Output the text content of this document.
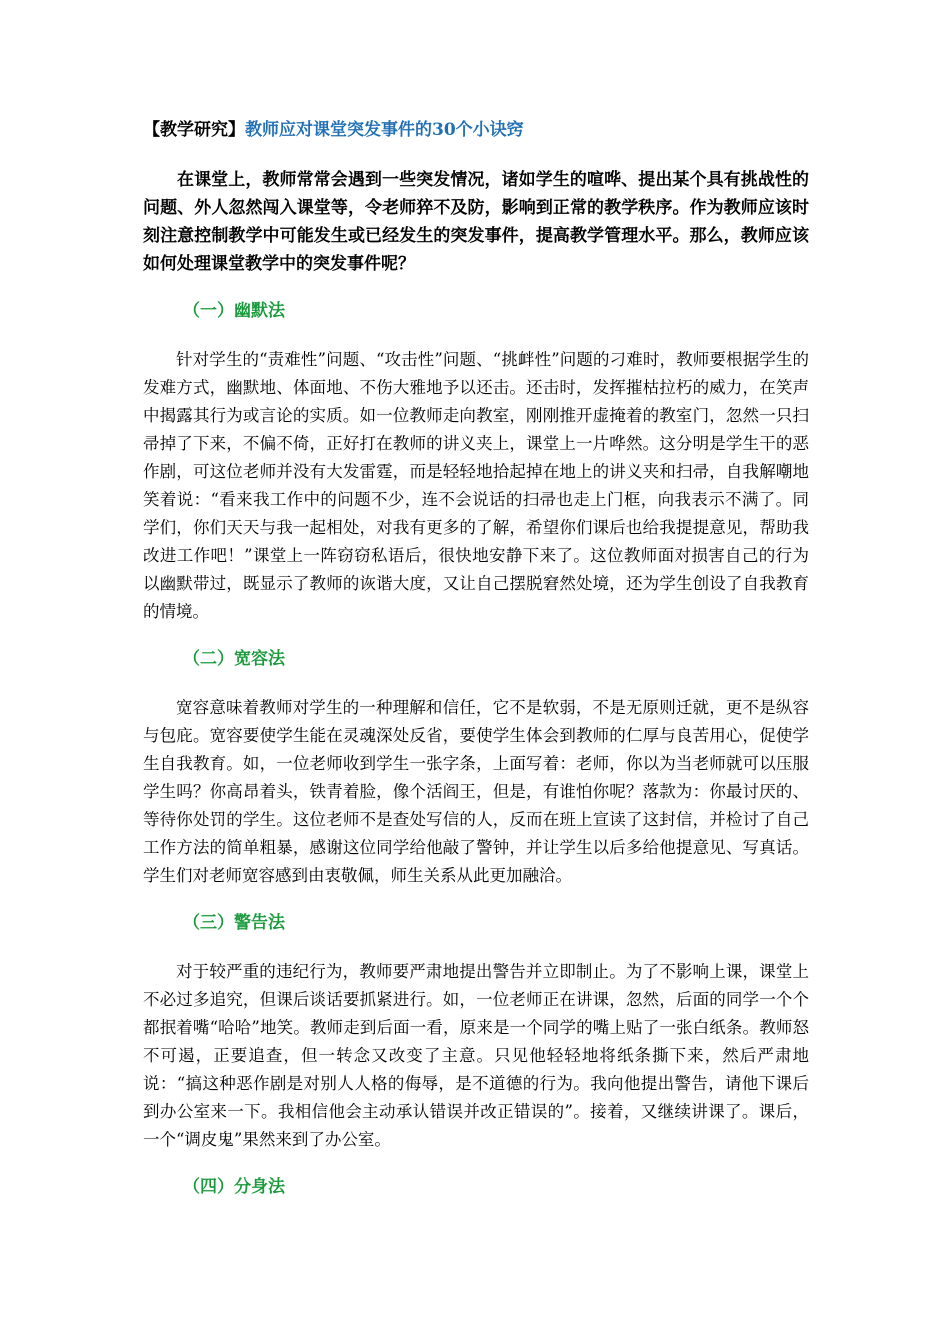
【教学研究】教师应对课堂突发事件的30个小诀窍

在课堂上，教师常常会遇到一些突发情况，诸如学生的喧哗、提出某个具有挑战性的问题、外人忽然闯入课堂等，令老师猝不及防，影响到正常的教学秩序。作为教师应该时刻注意控制教学中可能发生或已经发生的突发事件，提高教学管理水平。那么，教师应该如何处理课堂教学中的突发事件呢？

（一）幽默法

针对学生的“责难性”问题、“攻击性”问题、“挑衅性”问题的刁难时，教师要根据学生的发难方式，幽默地、体面地、不伤大雅地予以还击。还击时，发挥摧枯拉朽的威力，在笑声中揭露其行为或言论的实质。如一位教师走向教室，刚刚推开虚掩着的教室门，忽然一只扫帚掉了下来，不偏不倚，正好打在教师的讲义夹上，课堂上一片哗然。这分明是学生干的恶作剧，可这位老师并没有大发雷霆，而是轻轻地拾起掉在地上的讲义夹和扫帚，自我解嘲地笑着说：“看来我工作中的问题不少，连不会说话的扫帚也走上门框，向我表示不满了。同学们，你们天天与我一起相处，对我有更多的了解，希望你们课后也给我提提意见，帮助我改进工作吧！”课堂上一阵窃窃私语后，很快地安静下来了。这位教师面对损害自己的行为以幽默带过，既显示了教师的诙谐大度，又让自己摆脱窘然处境，还为学生创设了自我教育的情境。

（二）宽容法

宽容意味着教师对学生的一种理解和信任，它不是软弱，不是无原则迁就，更不是纵容与包庇。宽容要使学生能在灵魂深处反省，要使学生体会到教师的仁厚与良苦用心，促使学生自我教育。如，一位老师收到学生一张字条，上面写着：老师，你以为当老师就可以压服学生吗？你高昂着头，铁青着脸，像个活阎王，但是，有谁怕你呢？落款为：你最讨厌的、等待你处罚的学生。这位老师不是查处写信的人，反而在班上宣读了这封信，并检讨了自己工作方法的简单粗暴，感谢这位同学给他敲了警钟，并让学生以后多给他提意见、写真话。学生们对老师宽容感到由衷敬佩，师生关系从此更加融洽。

（三）警告法

对于较严重的违纪行为，教师要严肃地提出警告并立即制止。为了不影响上课，课堂上不必过多追究，但课后谈话要抓紧进行。如，一位老师正在讲课，忽然，后面的同学一个个都抿着嘴“哈哈”地笑。教师走到后面一看，原来是一个同学的嘴上贴了一张白纸条。教师怒不可遏，正要追查，但一转念又改变了主意。只见他轻轻地将纸条撕下来，然后严肃地说：“搞这种恶作剧是对别人人格的侮辱，是不道德的行为。我向他提出警告，请他下课后到办公室来一下。我相信他会主动承认错误并改正错误的”。接着，又继续讲课了。课后，一个“调皮鬼”果然来到了办公室。

（四）分身法
